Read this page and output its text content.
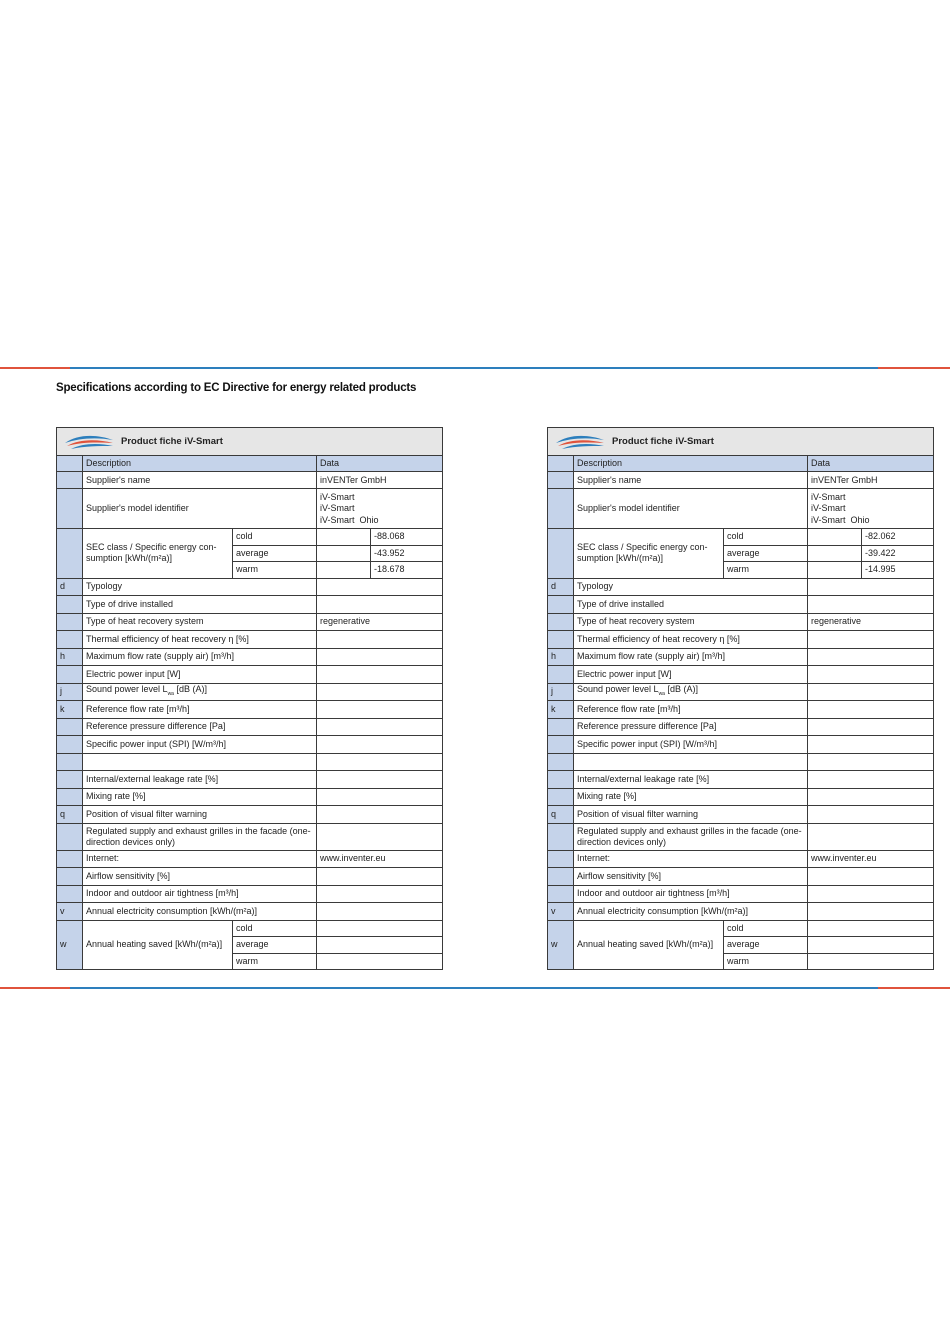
Specifications according to EC Directive for energy related products
Product fiche iV-Smart				

	Description		Data	
	Supplier's name		inVENTer GmbH	
	Supplier's model identifier		iV-Smart
iV-Smart
iV-Smart  Ohio	

	SEC class / Specific energy con-sumption [kWh/(m²a)]	cold		-88.068
		average		-43.952
		warm		-18.678
d	Typology			
	Type of drive installed			
	Type of heat recovery system		regenerative	
	Thermal efficiency of heat recovery η [%]			
h	Maximum flow rate (supply air) [m³/h]			
	Electric power input [W]			
j	Sound power level $L_{wa}$ [dB (A)]			
k	Reference flow rate [m³/h]			
	Reference pressure difference [Pa]			
	Specific power input (SPI) [W/m³/h]			

	Internal/external leakage rate [%]			
	Mixing rate [%]			
q	Position of visual filter warning			
	Regulated supply and exhaust grilles in the facade (one-direction devices only)			
	Internet:		www.inventer.eu	
	Airflow sensitivity [%]			
	Indoor and outdoor air tightness [m³/h]			
v	Annual electricity consumption [kWh/(m²a)]			
w	Annual heating saved [kWh/(m²a)]	cold		
		average		
		warm		
Product fiche iV-Smart				

	Description		Data	
	Supplier's name		inVENTer GmbH	
	Supplier's model identifier		iV-Smart
iV-Smart
iV-Smart  Ohio	

	SEC class / Specific energy con-sumption [kWh/(m²a)]	cold		-82.062
		average		-39.422
		warm		-14.995
d	Typology			
	Type of drive installed			
	Type of heat recovery system		regenerative	
	Thermal efficiency of heat recovery η [%]			
h	Maximum flow rate (supply air) [m³/h]			
	Electric power input [W]			
j	Sound power level $L_{wa}$ [dB (A)]			
k	Reference flow rate [m³/h]			
	Reference pressure difference [Pa]			
	Specific power input (SPI) [W/m³/h]			

	Internal/external leakage rate [%]			
	Mixing rate [%]			
q	Position of visual filter warning			
	Regulated supply and exhaust grilles in the facade (one-direction devices only)			
	Internet:		www.inventer.eu	
	Airflow sensitivity [%]			
	Indoor and outdoor air tightness [m³/h]			
v	Annual electricity consumption [kWh/(m²a)]			
w	Annual heating saved [kWh/(m²a)]	cold		
		average		
		warm		
